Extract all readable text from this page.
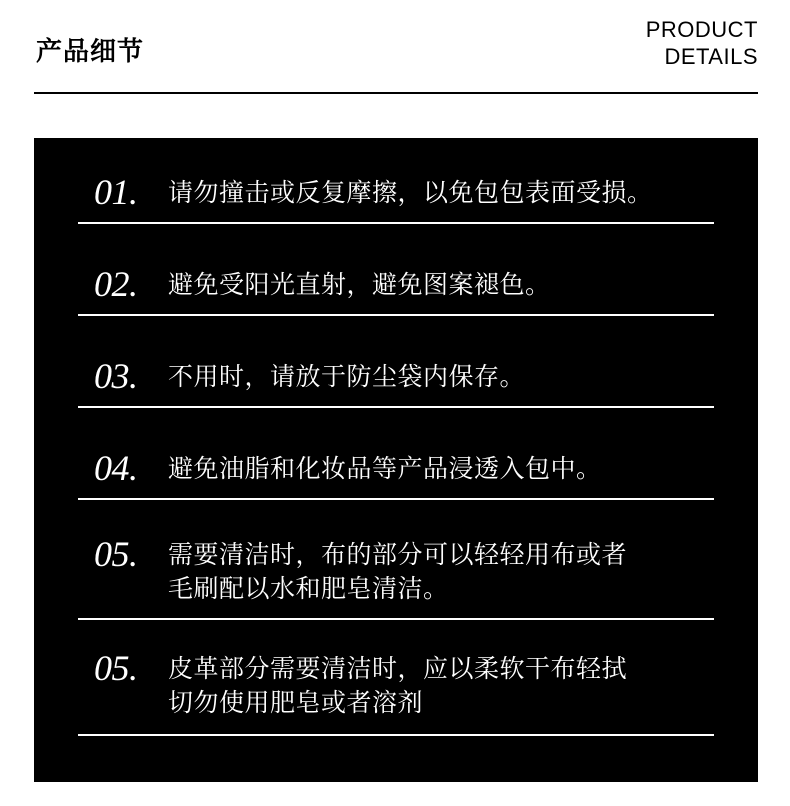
产品细节
PRODUCT
DETAILS
01. 请勿撞击或反复摩擦，以免包包表面受损。
02. 避免受阳光直射，避免图案褪色。
03. 不用时，请放于防尘袋内保存。
04. 避免油脂和化妆品等产品浸透入包中。
05. 需要清洁时，布的部分可以轻轻用布或者
毛刷配以水和肥皂清洁。
05. 皮革部分需要清洁时，应以柔软干布轻拭
切勿使用肥皂或者溶剂
